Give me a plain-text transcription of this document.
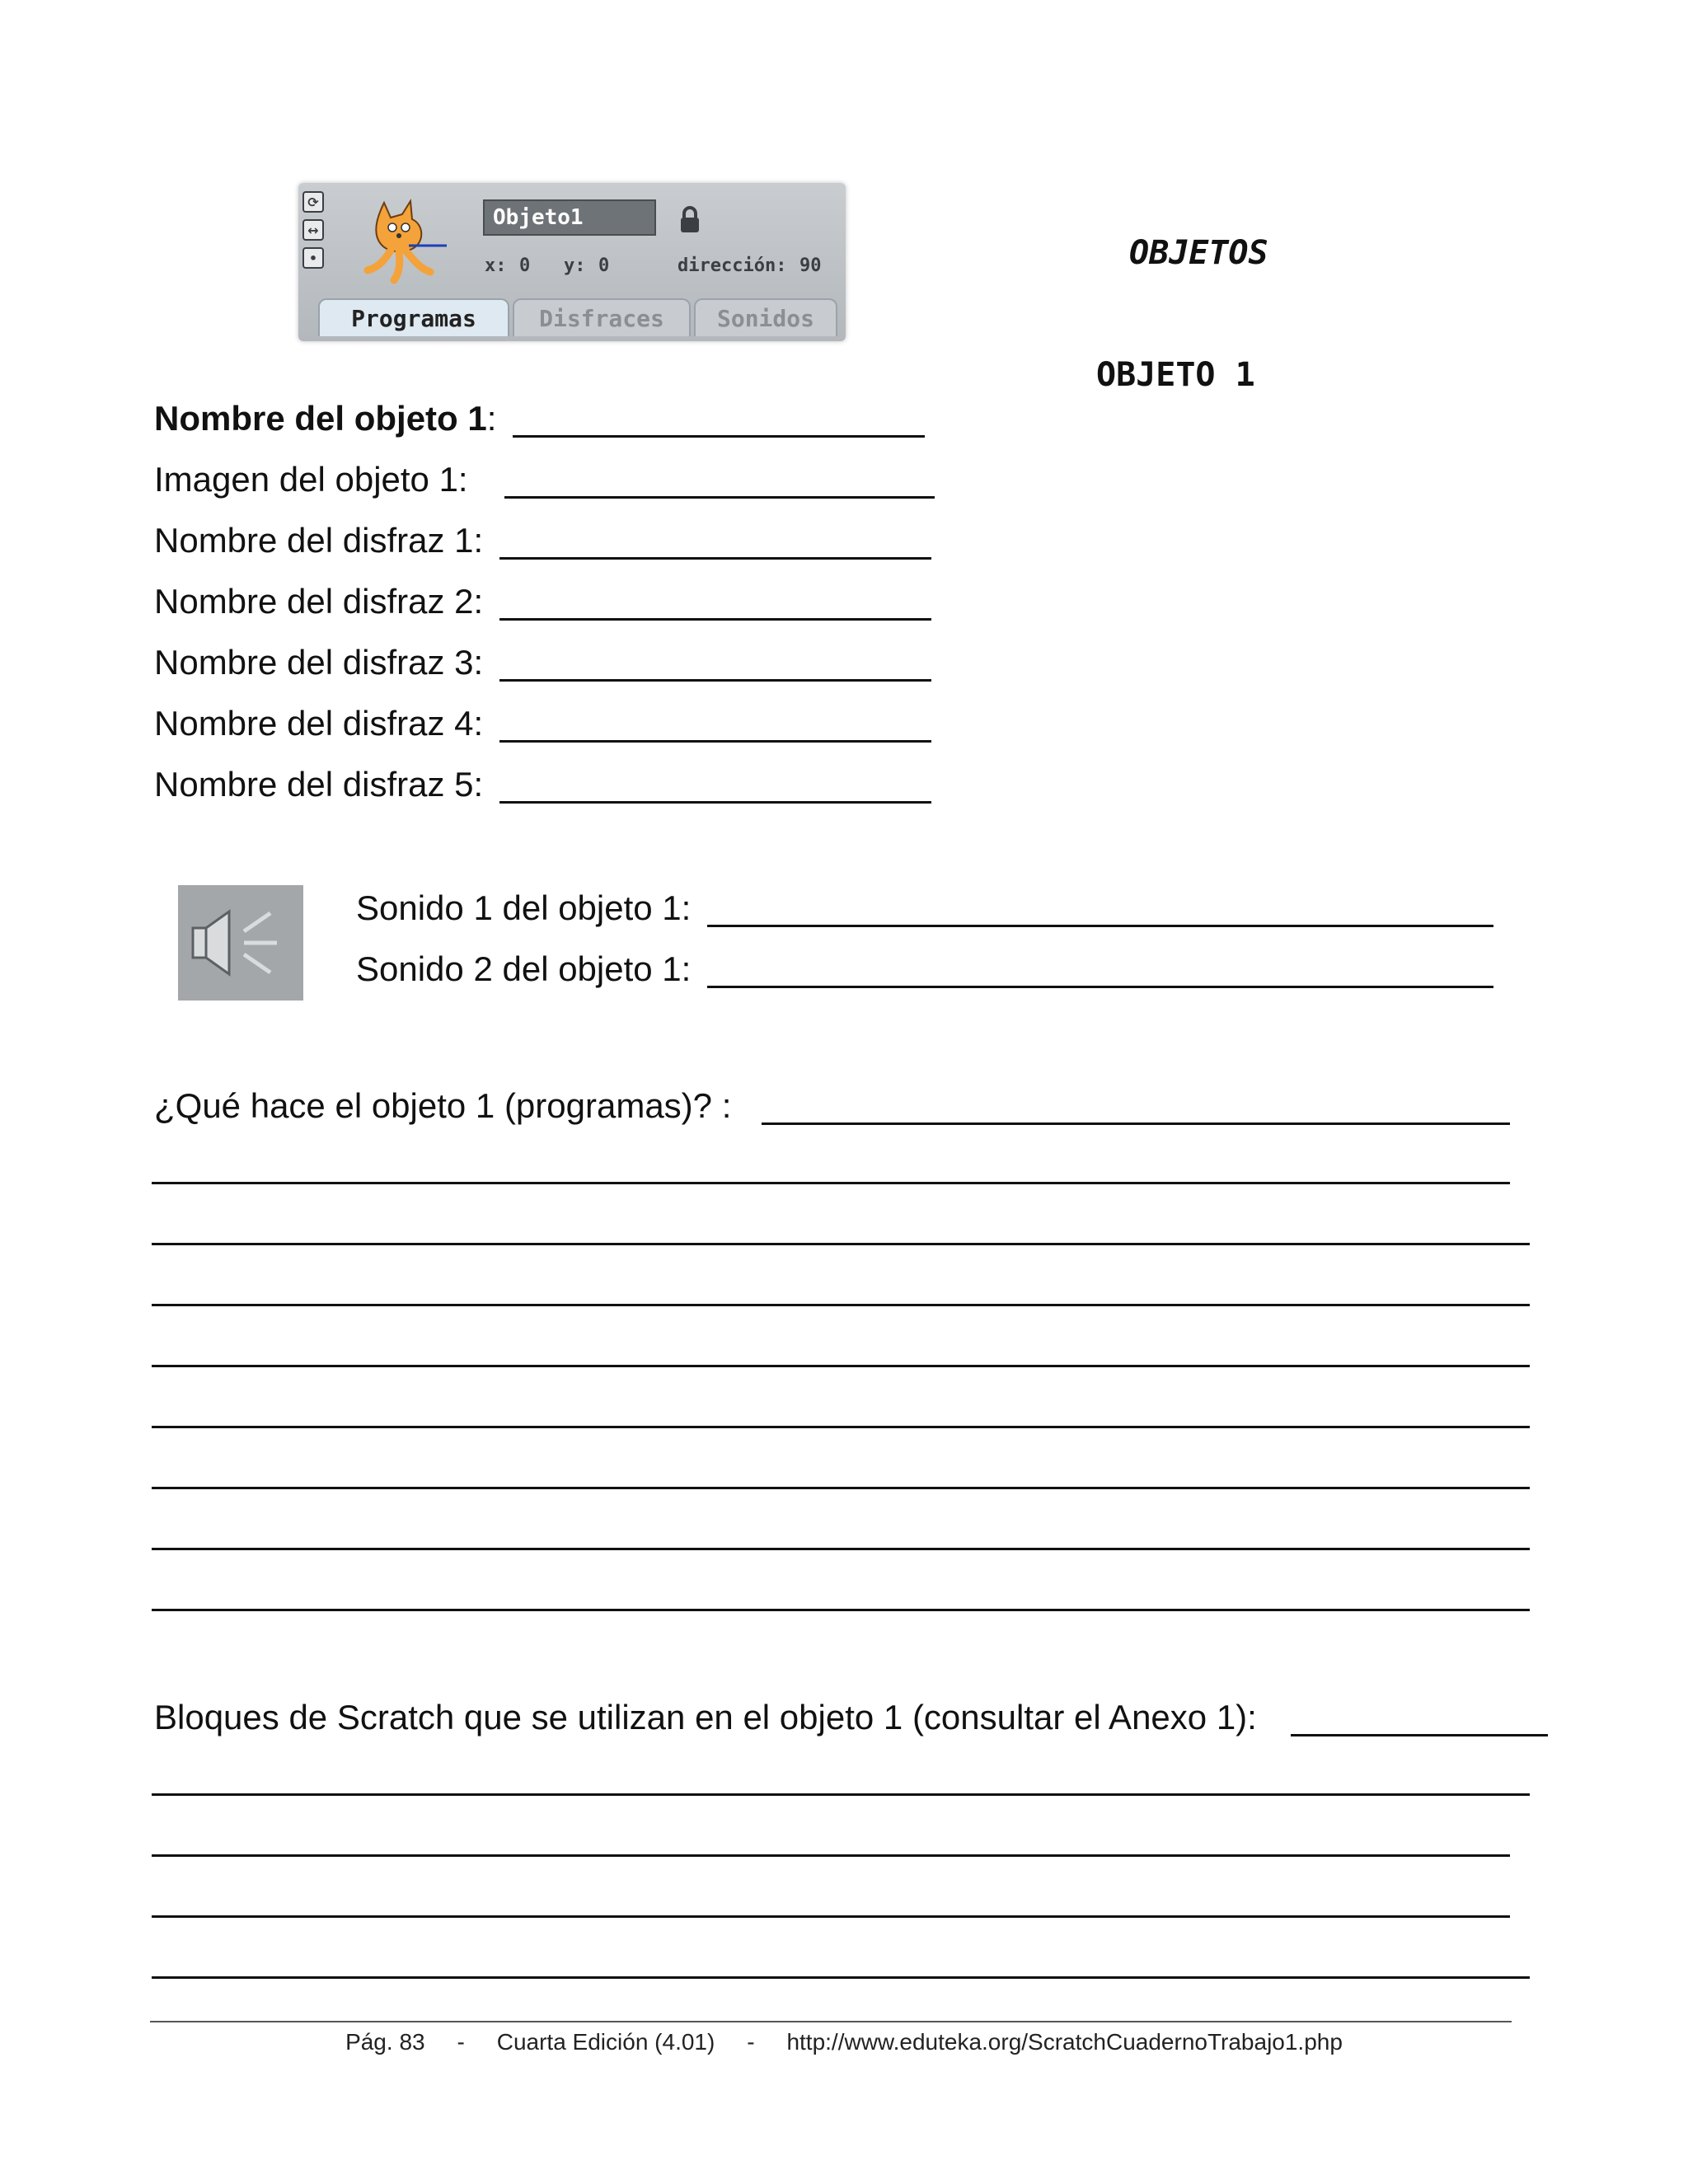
⟳
↔
•
Objeto1
x: 0 y: 0	dirección: 90
Programas	Disfraces	Sonidos
OBJETOS
OBJETO 1
Nombre del objeto 1:
Imagen del objeto 1:
Nombre del disfraz 1:
Nombre del disfraz 2:
Nombre del disfraz 3:
Nombre del disfraz 4:
Nombre del disfraz 5:
Sonido 1 del objeto 1:
Sonido 2 del objeto 1:
¿Qué hace el objeto 1 (programas)? :
Bloques de Scratch que se utilizan en el objeto 1 (consultar el Anexo 1):
Pág. 83 - Cuarta Edición (4.01) - http://www.eduteka.org/ScratchCuadernoTrabajo1.php
